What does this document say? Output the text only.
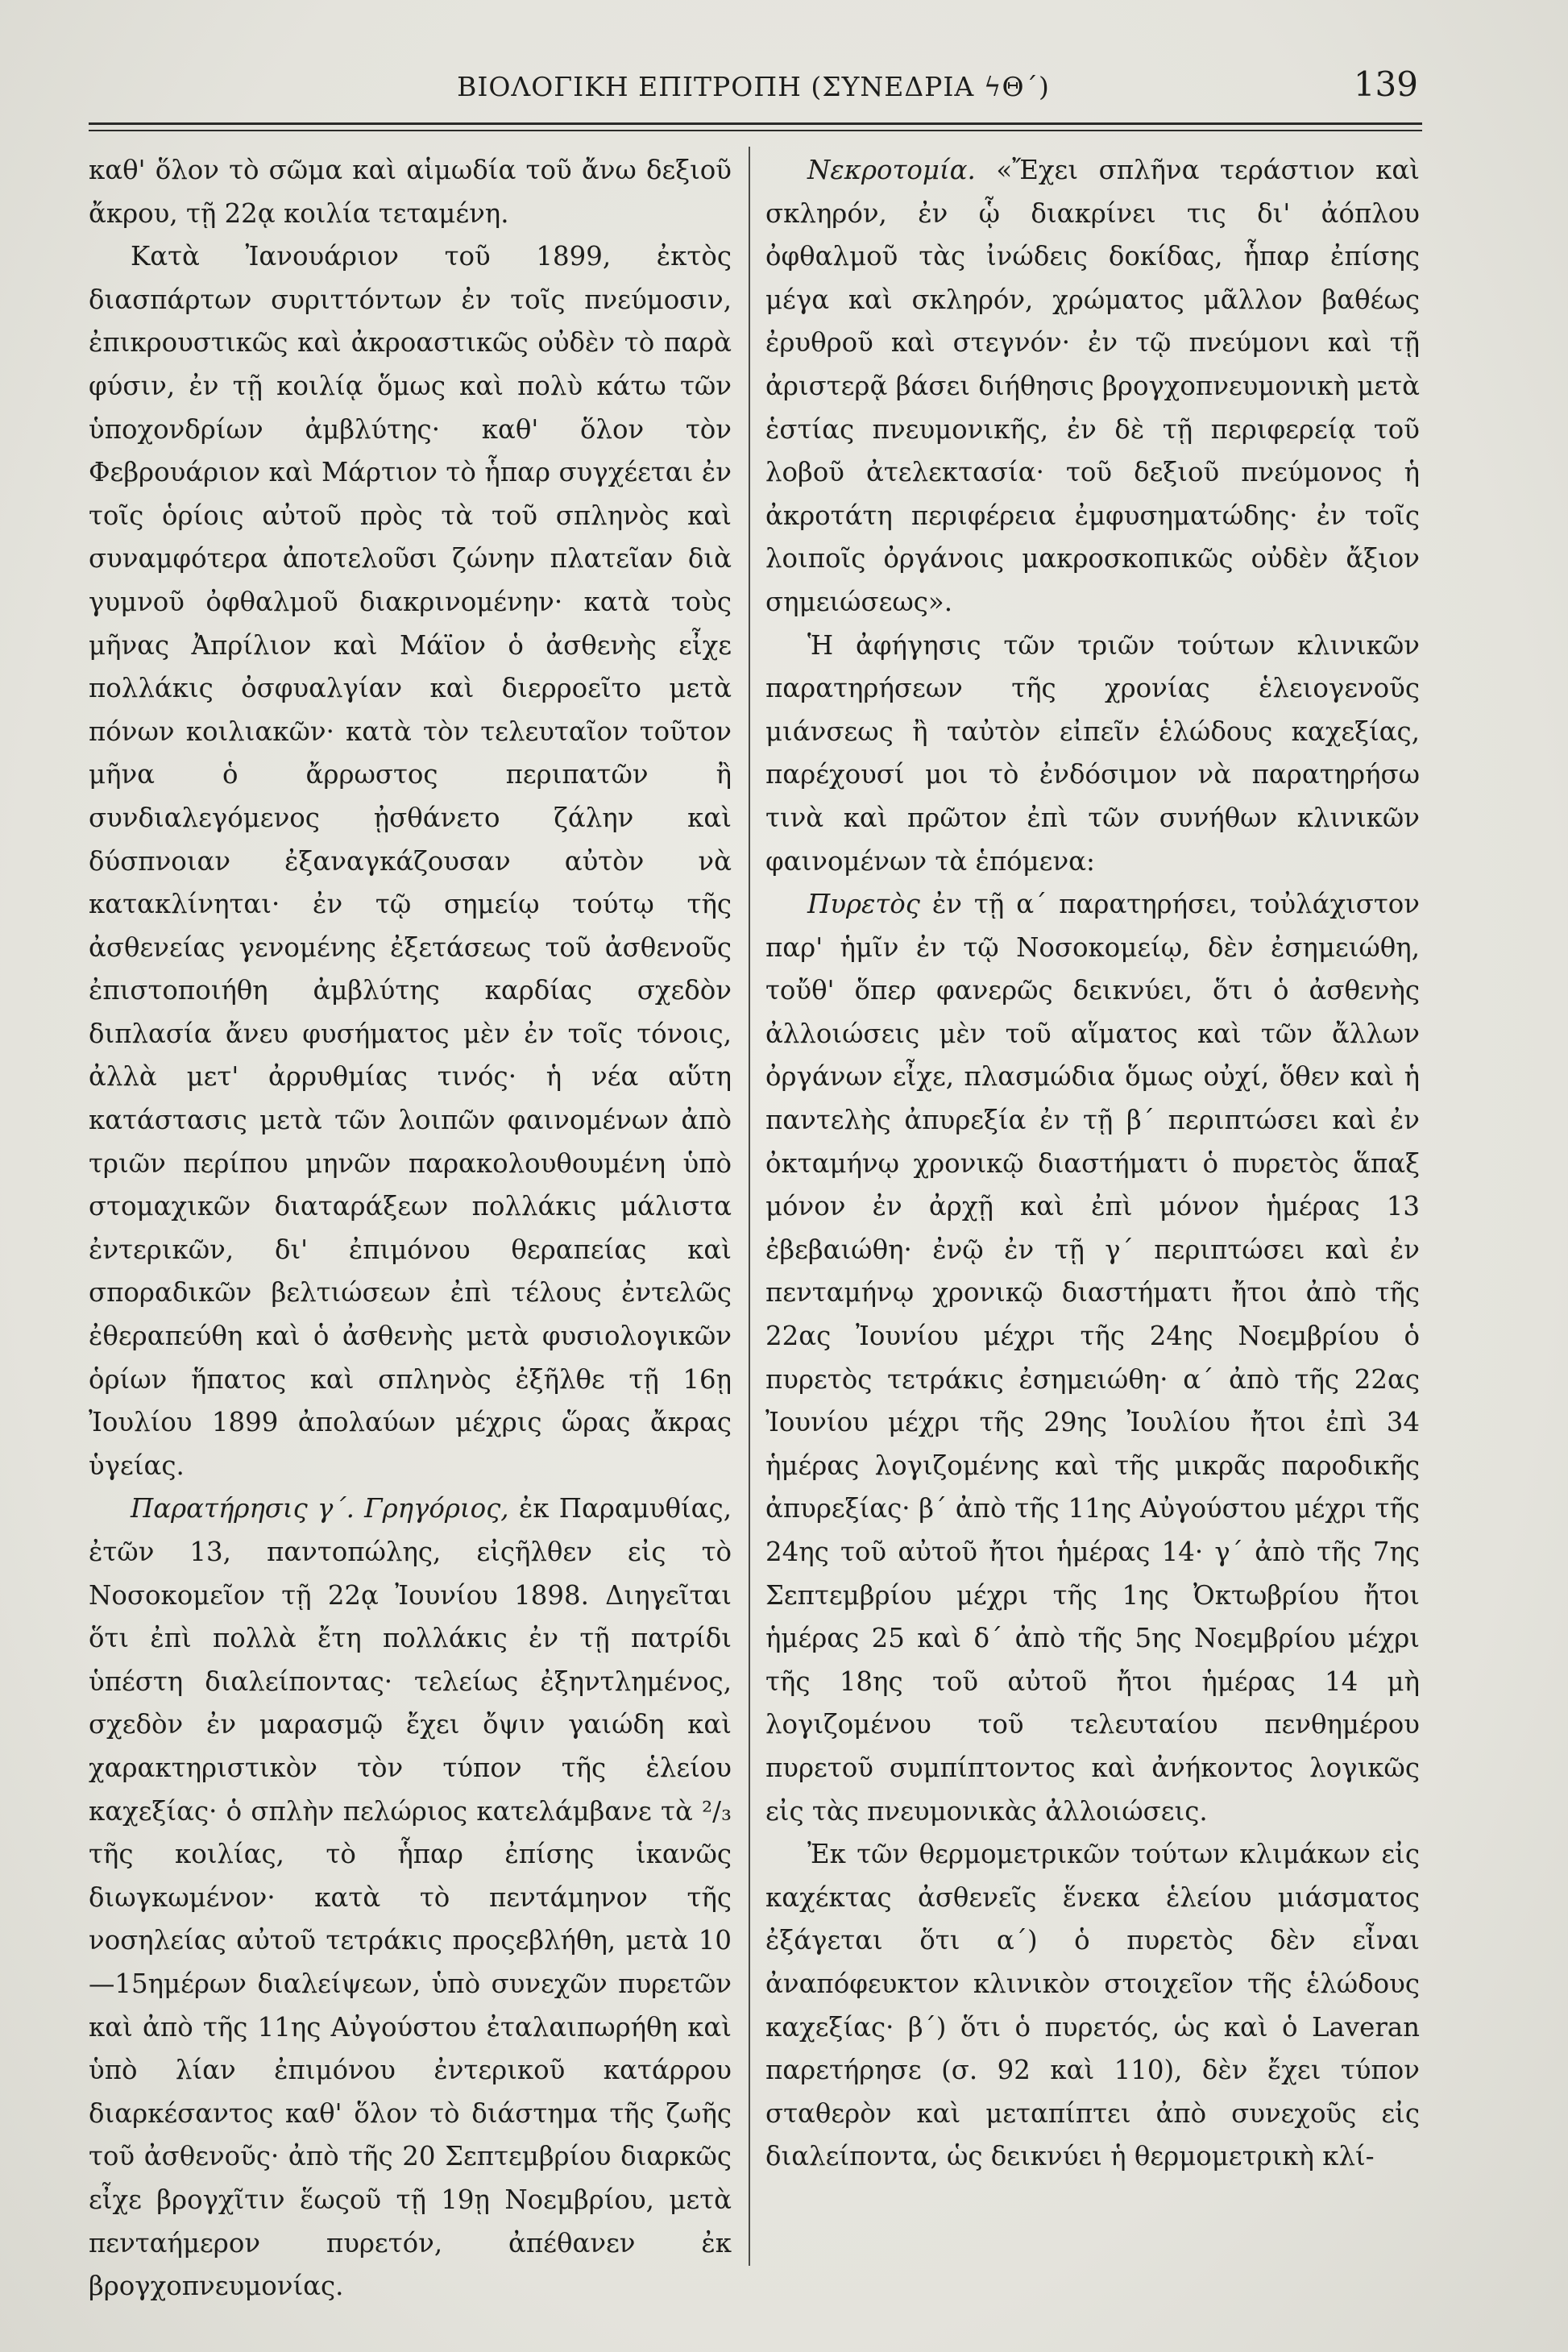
ΒΙΟΛΟΓΙΚΗ ΕΠΙΤΡΟΠΗ (ΣΥΝΕΔΡΙΑ ϟΘ΄)	139

καθ' ὅλον τὸ σῶμα καὶ αἱμωδία τοῦ ἄνω δεξιοῦ ἄκρου, τῇ 22ᾳ κοιλία τεταμένη.

Κατὰ Ἰανουάριον τοῦ 1899, ἐκτὸς διασπάρτων συριττόντων ἐν τοῖς πνεύμοσιν, ἐπικρουστικῶς καὶ ἀκροαστικῶς οὐδὲν τὸ παρὰ φύσιν, ἐν τῇ κοιλίᾳ ὅμως καὶ πολὺ κάτω τῶν ὑποχονδρίων ἀμβλύτης· καθ' ὅλον τὸν Φεβρουάριον καὶ Μάρτιον τὸ ἧπαρ συγχέεται ἐν τοῖς ὁρίοις αὐτοῦ πρὸς τὰ τοῦ σπληνὸς καὶ συναμφότερα ἀποτελοῦσι ζώνην πλατεῖαν διὰ γυμνοῦ ὀφθαλμοῦ διακρινομένην· κατὰ τοὺς μῆνας Ἀπρίλιον καὶ Μάϊον ὁ ἀσθενὴς εἶχε πολλάκις ὀσφυαλγίαν καὶ διερροεῖτο μετὰ πόνων κοιλιακῶν· κατὰ τὸν τελευταῖον τοῦτον μῆνα ὁ ἄρρωστος περιπατῶν ἢ συνδιαλεγόμενος ᾐσθάνετο ζάλην καὶ δύσπνοιαν ἐξαναγκάζουσαν αὐτὸν νὰ κατακλίνηται· ἐν τῷ σημείῳ τούτῳ τῆς ἀσθενείας γενομένης ἐξετάσεως τοῦ ἀσθενοῦς ἐπιστοποιήθη ἀμβλύτης καρδίας σχεδὸν διπλασία ἄνευ φυσήματος μὲν ἐν τοῖς τόνοις, ἀλλὰ μετ' ἀρρυθμίας τινός· ἡ νέα αὕτη κατάστασις μετὰ τῶν λοιπῶν φαινομένων ἀπὸ τριῶν περίπου μηνῶν παρακολουθουμένη ὑπὸ στομαχικῶν διαταράξεων πολλάκις μάλιστα ἐντερικῶν, δι' ἐπιμόνου θεραπείας καὶ σποραδικῶν βελτιώσεων ἐπὶ τέλους ἐντελῶς ἐθεραπεύθη καὶ ὁ ἀσθενὴς μετὰ φυσιολογικῶν ὁρίων ἥπατος καὶ σπληνὸς ἐξῆλθε τῇ 16ῃ Ἰουλίου 1899 ἀπολαύων μέχρις ὥρας ἄκρας ὑγείας.

Παρατήρησις γ΄. Γρηγόριος, ἐκ Παραμυθίας, ἐτῶν 13, παντοπώλης, εἰςῆλθεν εἰς τὸ Νοσοκομεῖον τῇ 22ᾳ Ἰουνίου 1898. Διηγεῖται ὅτι ἐπὶ πολλὰ ἔτη πολλάκις ἐν τῇ πατρίδι ὑπέστη διαλείποντας· τελείως ἐξηντλημένος, σχεδὸν ἐν μαρασμῷ ἔχει ὄψιν γαιώδη καὶ χαρακτηριστικὸν τὸν τύπον τῆς ἑλείου καχεξίας· ὁ σπλὴν πελώριος κατελάμβανε τὰ ²/₃ τῆς κοιλίας, τὸ ἧπαρ ἐπίσης ἱκανῶς διωγκωμένον· κατὰ τὸ πεντάμηνον τῆς νοσηλείας αὐτοῦ τετράκις προςεβλήθη, μετὰ 10—15ημέρων διαλείψεων, ὑπὸ συνεχῶν πυρετῶν καὶ ἀπὸ τῆς 11ης Αὐγούστου ἐταλαιπωρήθη καὶ ὑπὸ λίαν ἐπιμόνου ἐντερικοῦ κατάρρου διαρκέσαντος καθ' ὅλον τὸ διάστημα τῆς ζωῆς τοῦ ἀσθενοῦς· ἀπὸ τῆς 20 Σεπτεμβρίου διαρκῶς εἶχε βρογχῖτιν ἕωςοῦ τῇ 19ῃ Νοεμβρίου, μετὰ πενταήμερον πυρετόν, ἀπέθανεν ἐκ βρογχοπνευμονίας.

Νεκροτομία. «Ἔχει σπλῆνα τεράστιον καὶ σκληρόν, ἐν ᾧ διακρίνει τις δι' ἀόπλου ὀφθαλμοῦ τὰς ἰνώδεις δοκίδας, ἧπαρ ἐπίσης μέγα καὶ σκληρόν, χρώματος μᾶλλον βαθέως ἐρυθροῦ καὶ στεγνόν· ἐν τῷ πνεύμονι καὶ τῇ ἀριστερᾷ βάσει διήθησις βρογχοπνευμονικὴ μετὰ ἑστίας πνευμονικῆς, ἐν δὲ τῇ περιφερείᾳ τοῦ λοβοῦ ἀτελεκτασία· τοῦ δεξιοῦ πνεύμονος ἡ ἀκροτάτη περιφέρεια ἐμφυσηματώδης· ἐν τοῖς λοιποῖς ὀργάνοις μακροσκοπικῶς οὐδὲν ἄξιον σημειώσεως».

Ἡ ἀφήγησις τῶν τριῶν τούτων κλινικῶν παρατηρήσεων τῆς χρονίας ἑλειογενοῦς μιάνσεως ἢ ταὐτὸν εἰπεῖν ἑλώδους καχεξίας, παρέχουσί μοι τὸ ἐνδόσιμον νὰ παρατηρήσω τινὰ καὶ πρῶτον ἐπὶ τῶν συνήθων κλινικῶν φαινομένων τὰ ἑπόμενα:

Πυρετὸς ἐν τῇ α΄ παρατηρήσει, τοὐλάχιστον παρ' ἡμῖν ἐν τῷ Νοσοκομείῳ, δὲν ἐσημειώθη, τοὔθ' ὅπερ φανερῶς δεικνύει, ὅτι ὁ ἀσθενὴς ἀλλοιώσεις μὲν τοῦ αἵματος καὶ τῶν ἄλλων ὀργάνων εἶχε, πλασμώδια ὅμως οὐχί, ὅθεν καὶ ἡ παντελὴς ἀπυρεξία ἐν τῇ β΄ περιπτώσει καὶ ἐν ὀκταμήνῳ χρονικῷ διαστήματι ὁ πυρετὸς ἅπαξ μόνον ἐν ἀρχῇ καὶ ἐπὶ μόνον ἡμέρας 13 ἐβεβαιώθη· ἐνῷ ἐν τῇ γ΄ περιπτώσει καὶ ἐν πενταμήνῳ χρονικῷ διαστήματι ἤτοι ἀπὸ τῆς 22ας Ἰουνίου μέχρι τῆς 24ης Νοεμβρίου ὁ πυρετὸς τετράκις ἐσημειώθη· α΄ ἀπὸ τῆς 22ας Ἰουνίου μέχρι τῆς 29ης Ἰουλίου ἤτοι ἐπὶ 34 ἡμέρας λογιζομένης καὶ τῆς μικρᾶς παροδικῆς ἀπυρεξίας· β΄ ἀπὸ τῆς 11ης Αὐγούστου μέχρι τῆς 24ης τοῦ αὐτοῦ ἤτοι ἡμέρας 14· γ΄ ἀπὸ τῆς 7ης Σεπτεμβρίου μέχρι τῆς 1ης Ὀκτωβρίου ἤτοι ἡμέρας 25 καὶ δ΄ ἀπὸ τῆς 5ης Νοεμβρίου μέχρι τῆς 18ης τοῦ αὐτοῦ ἤτοι ἡμέρας 14 μὴ λογιζομένου τοῦ τελευταίου πενθημέρου πυρετοῦ συμπίπτοντος καὶ ἀνήκοντος λογικῶς εἰς τὰς πνευμονικὰς ἀλλοιώσεις.

Ἐκ τῶν θερμομετρικῶν τούτων κλιμάκων εἰς καχέκτας ἀσθενεῖς ἕνεκα ἑλείου μιάσματος ἐξάγεται ὅτι α΄) ὁ πυρετὸς δὲν εἶναι ἀναπόφευκτον κλινικὸν στοιχεῖον τῆς ἑλώδους καχεξίας· β΄) ὅτι ὁ πυρετός, ὡς καὶ ὁ Laveran παρετήρησε (σ. 92 καὶ 110), δὲν ἔχει τύπον σταθερὸν καὶ μεταπίπτει ἀπὸ συνεχοῦς εἰς διαλείποντα, ὡς δεικνύει ἡ θερμομετρικὴ κλί-
